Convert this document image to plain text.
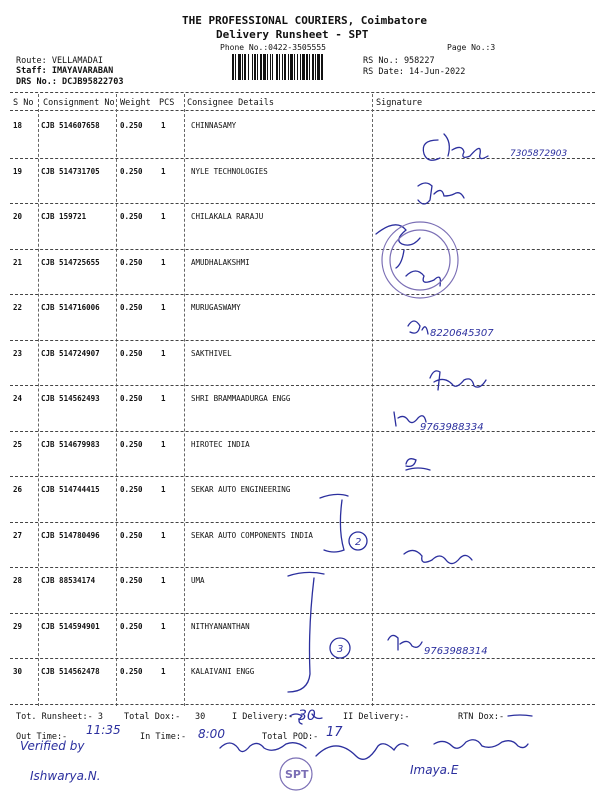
THE PROFESSIONAL COURIERS, Coimbatore
Delivery Runsheet - SPT
Phone No.:0422-3505555	Page No.:3
Route: VELLAMADAI
Staff: IMAYAVARABAN
DRS No.: DCJB95822703
RS No.: 958227
RS Date: 14-Jun-2022
S No Consignment No Weight PCS Consignee Details	Signature
18	CJB 514607658	0.250 1	CHINNASAMY
19	CJB 514731705	0.250 1	NYLE TECHNOLOGIES
20	CJB 159721	0.250 1	CHILAKALA RARAJU
21	CJB 514725655	0.250 1	AMUDHALAKSHMI
22	CJB 514716006	0.250 1	MURUGASWAMY
23	CJB 514724907	0.250 1	SAKTHIVEL
24	CJB 514562493	0.250 1	SHRI BRAMMAADURGA ENGG
25	CJB 514679983	0.250 1	HIROTEC INDIA
26	CJB 514744415	0.250 1	SEKAR AUTO ENGINEERING
27	CJB 514780496	0.250 1	SEKAR AUTO COMPONENTS INDIA
28	CJB 88534174	0.250 1	UMA
29	CJB 514594901	0.250 1	NITHYANANTHAN
30	CJB 514562478	0.250 1	KALAIVANI ENGG
Tot. Runsheet:- 3 Total Dox:- 30	I Delivery:-	II Delivery:-	RTN Dox:-
Out Time:-	In Time:-	Total POD:-
7305872903
8220645307
9763988334
9763988314
2
3
30
17
11:35	8:00
Verified by
Ishwarya.N.	Imaya.E
SPT
